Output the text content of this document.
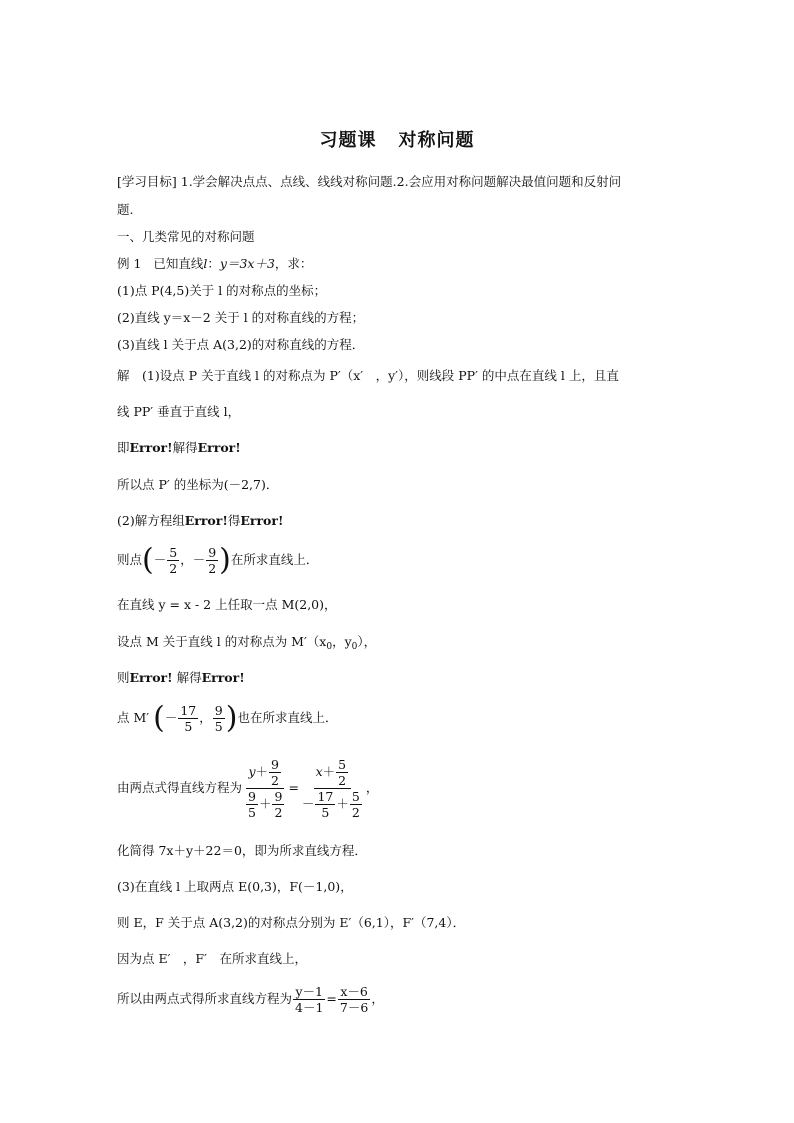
习题课 对称问题
[学习目标] 1.学会解决点点、点线、线线对称问题.2.会应用对称问题解决最值问题和反射问
题.
一、几类常见的对称问题
例 1 已知直线l：y＝3x＋3，求：
(1)点 P(4,5)关于 l 的对称点的坐标；
(2)直线 y＝x－2 关于 l 的对称直线的方程；
(3)直线 l 关于点 A(3,2)的对称直线的方程．
解　(1)设点 P 关于直线 l 的对称点为 P′（x′　，y′），则线段 PP′ 的中点在直线 l 上，且直
线 PP′ 垂直于直线 l，
即Error!解得Error!
所以点 P′ 的坐标为(－2,7)．
(2)解方程组Error!得Error!
则点(－ $\frac{5}{2}$ ，－ $\frac{9}{2}$ )在所求直线上．
在直线 y = x - 2 上任取一点 M(2,0)，
设点 M 关于直线 l 的对称点为 $M'(x_0$，$y_0$），
则Error! 解得Error!
点 M′ (－ $\frac{17}{5}$ ， $\frac{9}{5}$ )也在所求直线上．
由两点式得直线方程为 $\frac{y+ \frac{9}{2}}{\frac{9}{5} + \frac{9}{2}} = \frac{x+ \frac{5}{2}}{- \frac{17}{5} + \frac{5}{2}}$ ，
化简得 7x＋y＋22＝0，即为所求直线方程．
(3)在直线 l 上取两点 E(0,3)，F(－1,0)，
则 E，F 关于点 A(3,2)的对称点分别为 E′（6,1），F′（7,4）．
因为点 E′　，F′　在所求直线上，
所以由两点式得所求直线方程为 $\frac{y-1}{4-1} = \frac{x-6}{7-6}$ ，
